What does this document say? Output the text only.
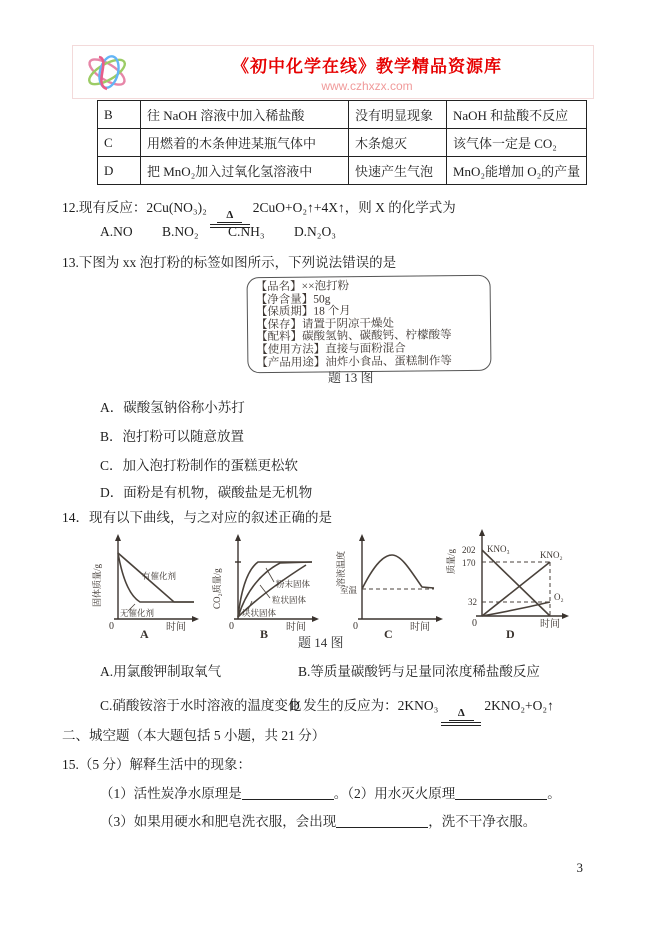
《初中化学在线》教学精品资源库
www.czhxzx.com
B	往 NaOH 溶液中加入稀盐酸	没有明显现象	NaOH 和盐酸不反应
C	用燃着的木条伸进某瓶气体中	木条熄灭	该气体一定是 CO₂
D	把 MnO₂加入过氧化氢溶液中	快速产生气泡	MnO₂能增加 O₂的产量
12.现有反应：2Cu(NO₃)₂	Δ	2CuO+O₂↑+4X↑，则 X 的化学式为
A.NO B.NO₂ C.NH₃ D.N₂O₃
13.下图为 xx 泡打粉的标签如图所示，下列说法错误的是
【品名】××泡打粉
【净含量】50g
【保质期】18 个月
【保存】请置于阴凉干燥处
【配料】碳酸氢钠、碳酸钙、柠檬酸等
【使用方法】直接与面粉混合
【产品用途】油炸小食品、蛋糕制作等
题 13 图
A．碳酸氢钠俗称小苏打
B．泡打粉可以随意放置
C．加入泡打粉制作的蛋糕更松软
D．面粉是有机物，碳酸盐是无机物
14．现有以下曲线，与之对应的叙述正确的是
固体质量/g	有催化剂
无催化剂
0	时间
A
CO₂质量/g	粉末固体
粒状固体
块状固体
0	时间
B
溶液温度
室温
0	时间
C
质量/g 202
170
32
KNO₃
KNO₂
O₂
0	时间
D
题 14 图
A.用氯酸钾制取氧气	B.等质量碳酸钙与足量同浓度稀盐酸反应
C.硝酸铵溶于水时溶液的温度变化
D 发生的反应为：2KNO₃	Δ	2KNO₂+O₂↑
二、城空题（本大题包括 5 小题，共 21 分）
15.（5 分）解释生活中的现象：
（1）活性炭净水原理是	。（2）用水灭火原理	。
（3）如果用硬水和肥皂洗衣服，会出现	，洗不干净衣服。
3
